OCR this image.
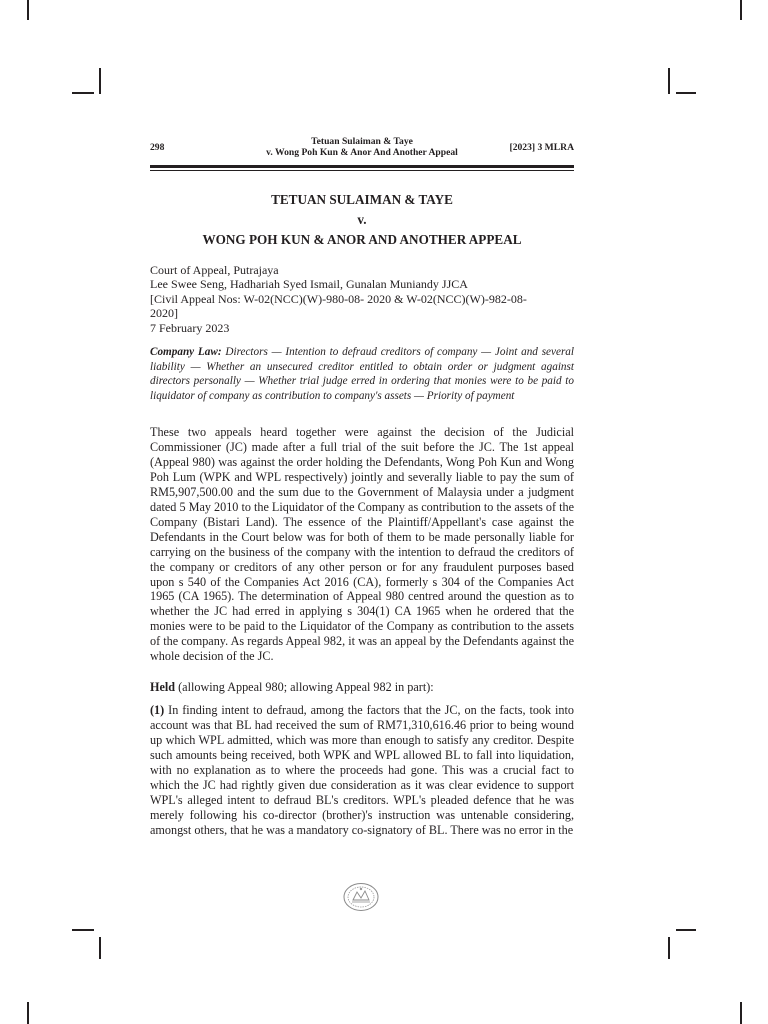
298
Tetuan Sulaiman & Taye
v. Wong Poh Kun & Anor And Another Appeal	[2023] 3 MLRA
TETUAN SULAIMAN & TAYE
v.
WONG POH KUN & ANOR AND ANOTHER APPEAL
Court of Appeal, Putrajaya
Lee Swee Seng, Hadhariah Syed Ismail, Gunalan Muniandy JJCA
[Civil Appeal Nos: W-02(NCC)(W)-980-08- 2020 & W-02(NCC)(W)-982-08-
2020]
7 February 2023
Company Law: Directors — Intention to defraud creditors of company — Joint and several liability — Whether an unsecured creditor entitled to obtain order or judgment against directors personally — Whether trial judge erred in ordering that monies were to be paid to liquidator of company as contribution to company's assets — Priority of payment
These two appeals heard together were against the decision of the Judicial Commissioner (JC) made after a full trial of the suit before the JC. The 1st appeal (Appeal 980) was against the order holding the Defendants, Wong Poh Kun and Wong Poh Lum (WPK and WPL respectively) jointly and severally liable to pay the sum of RM5,907,500.00 and the sum due to the Government of Malaysia under a judgment dated 5 May 2010 to the Liquidator of the Company as contribution to the assets of the Company (Bistari Land). The essence of the Plaintiff/Appellant's case against the Defendants in the Court below was for both of them to be made personally liable for carrying on the business of the company with the intention to defraud the creditors of the company or creditors of any other person or for any fraudulent purposes based upon s 540 of the Companies Act 2016 (CA), formerly s 304 of the Companies Act 1965 (CA 1965). The determination of Appeal 980 centred around the question as to whether the JC had erred in applying s 304(1) CA 1965 when he ordered that the monies were to be paid to the Liquidator of the Company as contribution to the assets of the company. As regards Appeal 982, it was an appeal by the Defendants against the whole decision of the JC.
Held (allowing Appeal 980; allowing Appeal 982 in part):
(1) In finding intent to defraud, among the factors that the JC, on the facts, took into account was that BL had received the sum of RM71,310,616.46 prior to being wound up which WPL admitted, which was more than enough to satisfy any creditor. Despite such amounts being received, both WPK and WPL allowed BL to fall into liquidation, with no explanation as to where the proceeds had gone. This was a crucial fact to which the JC had rightly given due consideration as it was clear evidence to support WPL's alleged intent to defraud BL's creditors. WPL's pleaded defence that he was merely following his co-director (brother)'s instruction was untenable considering, amongst others, that he was a mandatory co-signatory of BL. There was no error in the
